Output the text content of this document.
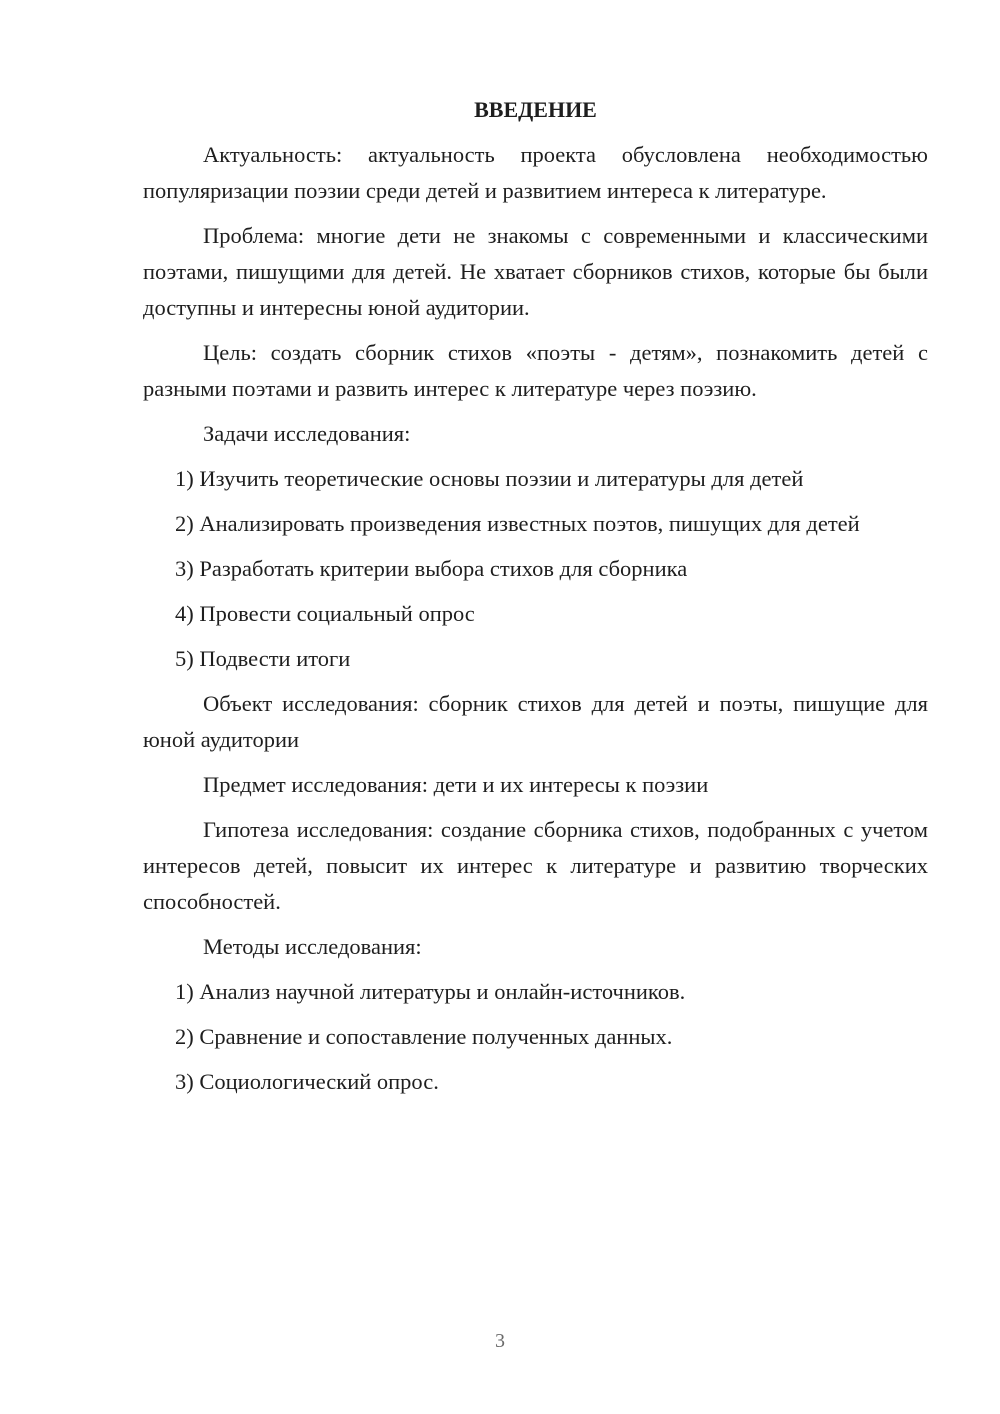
ВВЕДЕНИЕ

Актуальность: актуальность проекта обусловлена необходимостью популяризации поэзии среди детей и развитием интереса к литературе.

Проблема: многие дети не знакомы с современными и классическими поэтами, пишущими для детей. Не хватает сборников стихов, которые бы были доступны и интересны юной аудитории.

Цель: создать сборник стихов «поэты - детям», познакомить детей с разными поэтами и развить интерес к литературе через поэзию.

Задачи исследования:

1) Изучить теоретические основы поэзии и литературы для детей
2) Анализировать произведения известных поэтов, пишущих для детей
3) Разработать критерии выбора стихов для сборника
4) Провести социальный опрос
5) Подвести итоги

Объект исследования: сборник стихов для детей и поэты, пишущие для юной аудитории

Предмет исследования: дети и их интересы к поэзии

Гипотеза исследования: создание сборника стихов, подобранных с учетом интересов детей, повысит их интерес к литературе и развитию творческих способностей.

Методы исследования:

1) Анализ научной литературы и онлайн-источников.
2) Сравнение и сопоставление полученных данных.
3) Социологический опрос.
3
